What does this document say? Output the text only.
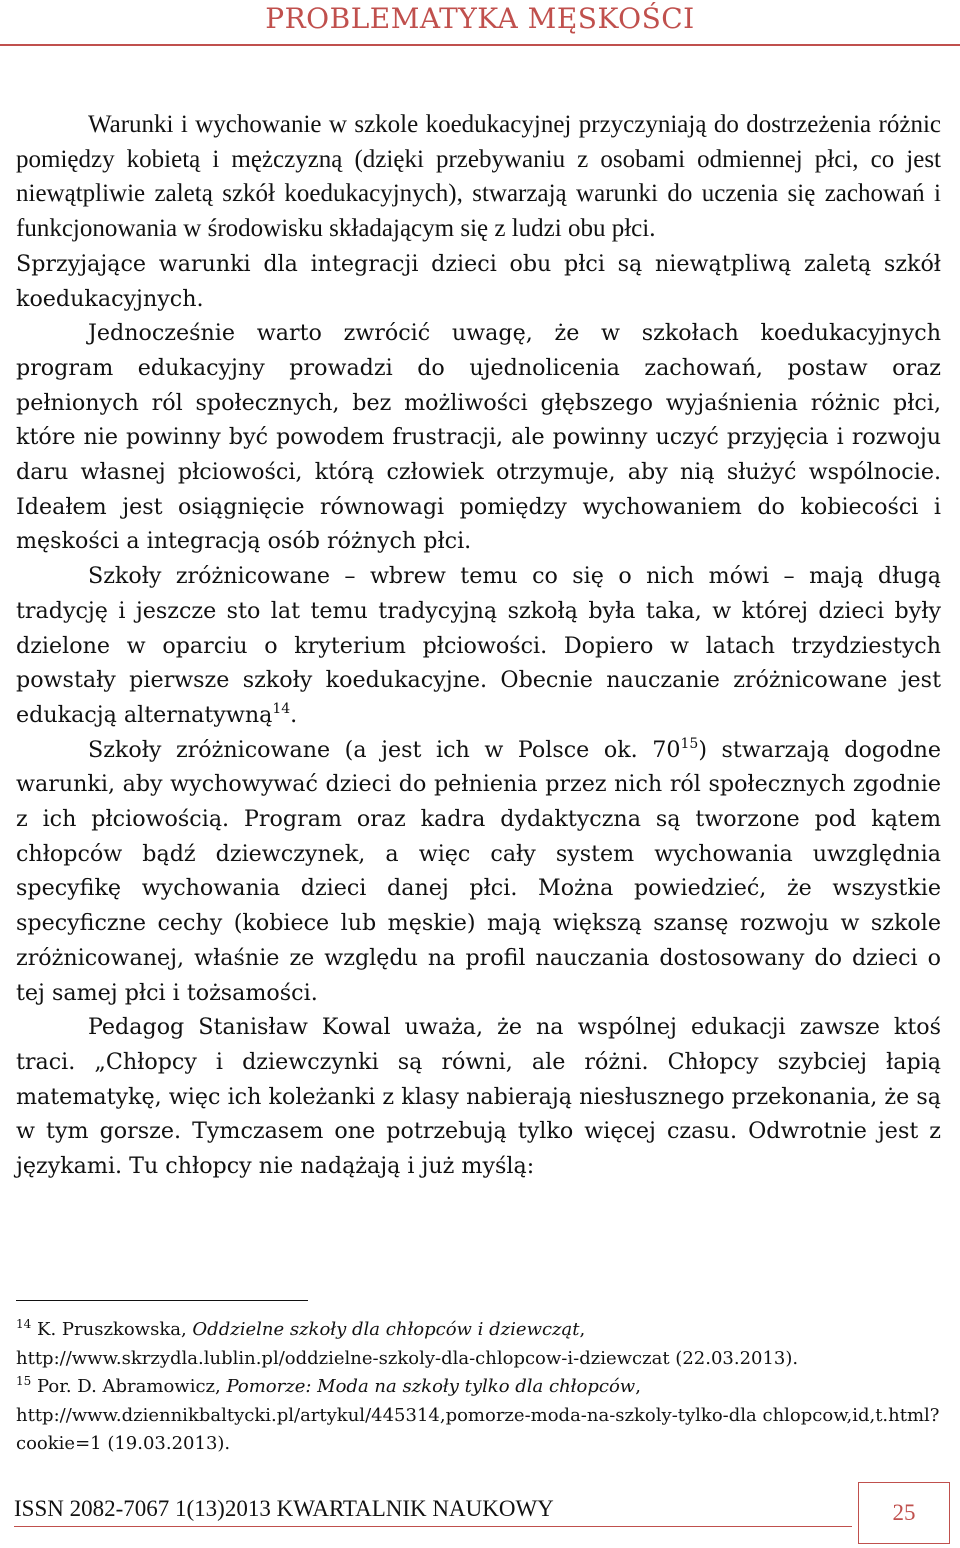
PROBLEMATYKA MĘSKOŚCI

Warunki i wychowanie w szkole koedukacyjnej przyczyniają do dostrzeżenia różnic pomiędzy kobietą i mężczyzną (dzięki przebywaniu z osobami odmiennej płci, co jest niewątpliwie zaletą szkół koedukacyjnych), stwarzają warunki do uczenia się zachowań i funkcjonowania w środowisku składającym się z ludzi obu płci.

Sprzyjające warunki dla integracji dzieci obu płci są niewątpliwą zaletą szkół koedukacyjnych.

Jednocześnie warto zwrócić uwagę, że w szkołach koedukacyjnych program edukacyjny prowadzi do ujednolicenia zachowań, postaw oraz pełnionych ról społecznych, bez możliwości głębszego wyjaśnienia różnic płci, które nie powinny być powodem frustracji, ale powinny uczyć przyjęcia i rozwoju daru własnej płciowości, którą człowiek otrzymuje, aby nią służyć wspólnocie. Ideałem jest osiągnięcie równowagi pomiędzy wychowaniem do kobiecości i męskości a integracją osób różnych płci.

Szkoły zróżnicowane – wbrew temu co się o nich mówi – mają długą tradycję i jeszcze sto lat temu tradycyjną szkołą była taka, w której dzieci były dzielone w oparciu o kryterium płciowości. Dopiero w latach trzydziestych powstały pierwsze szkoły koedukacyjne. Obecnie nauczanie zróżnicowane jest edukacją alternatywną$^{14}$.

Szkoły zróżnicowane (a jest ich w Polsce ok. $70^{15}$) stwarzają dogodne warunki, aby wychowywać dzieci do pełnienia przez nich ról społecznych zgodnie z ich płciowością. Program oraz kadra dydaktyczna są tworzone pod kątem chłopców bądź dziewczynek, a więc cały system wychowania uwzględnia specyfikę wychowania dzieci danej płci. Można powiedzieć, że wszystkie specyficzne cechy (kobiece lub męskie) mają większą szansę rozwoju w szkole zróżnicowanej, właśnie ze względu na profil nauczania dostosowany do dzieci o tej samej płci i tożsamości.

Pedagog Stanisław Kowal uważa, że na wspólnej edukacji zawsze ktoś traci. „Chłopcy i dziewczynki są równi, ale różni. Chłopcy szybciej łapią matematykę, więc ich koleżanki z klasy nabierają niesłusznego przekonania, że są w tym gorsze. Tymczasem one potrzebują tylko więcej czasu. Odwrotnie jest z językami. Tu chłopcy nie nadążają i już myślą:

$^{14}$ K. Pruszkowska, Oddzielne szkoły dla chłopców i dziewcząt, http://www.skrzydla.lublin.pl/oddzielne-szkoly-dla-chlopcow-i-dziewczat (22.03.2013).

$^{15}$ Por. D. Abramowicz, Pomorze: Moda na szkoły tylko dla chłopców, http://www.dziennikbaltycki.pl/artykul/445314,pomorze-moda-na-szkoly-tylko-dla chlopcow,id,t.html?cookie=1 (19.03.2013).

ISSN 2082-7067 1(13)2013 KWARTALNIK NAUKOWY	25
